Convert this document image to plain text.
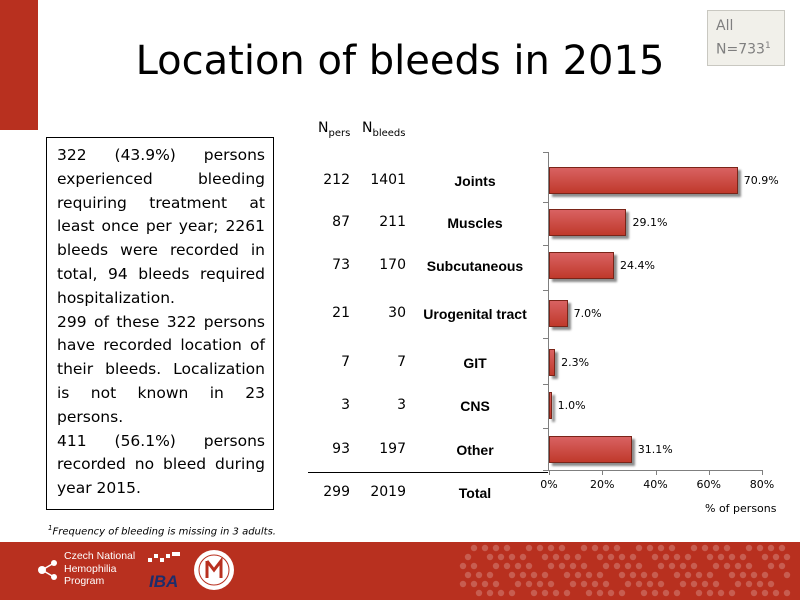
Location of bleeds in 2015
All
$N=733^1$

322 (43.9%) persons experienced bleeding requiring treatment at least once per year; 2261 bleeds were recorded in total, 94 bleeds required hospitalization.

299 of these 322 persons have recorded location of their bleeds. Localization is not known in 23 persons.

411 (56.1%) persons recorded no bleed during year 2015.

$N_{pers}$ $N_{bleeds}$
212	1401	Joints
87	211	Muscles
73	170	Subcutaneous
21	30	Urogenital tract
7	7	GIT
3	3	CNS
93	197	Other
299	2019	Total
70.9%
29.1%
24.4%
7.0%
2.3%
1.0%
31.1%
0%	20%	40%	60%	80%
% of persons
$^1$Frequency of bleeding is missing in 3 adults.
Czech National
Hemophilia
Program	IBA
